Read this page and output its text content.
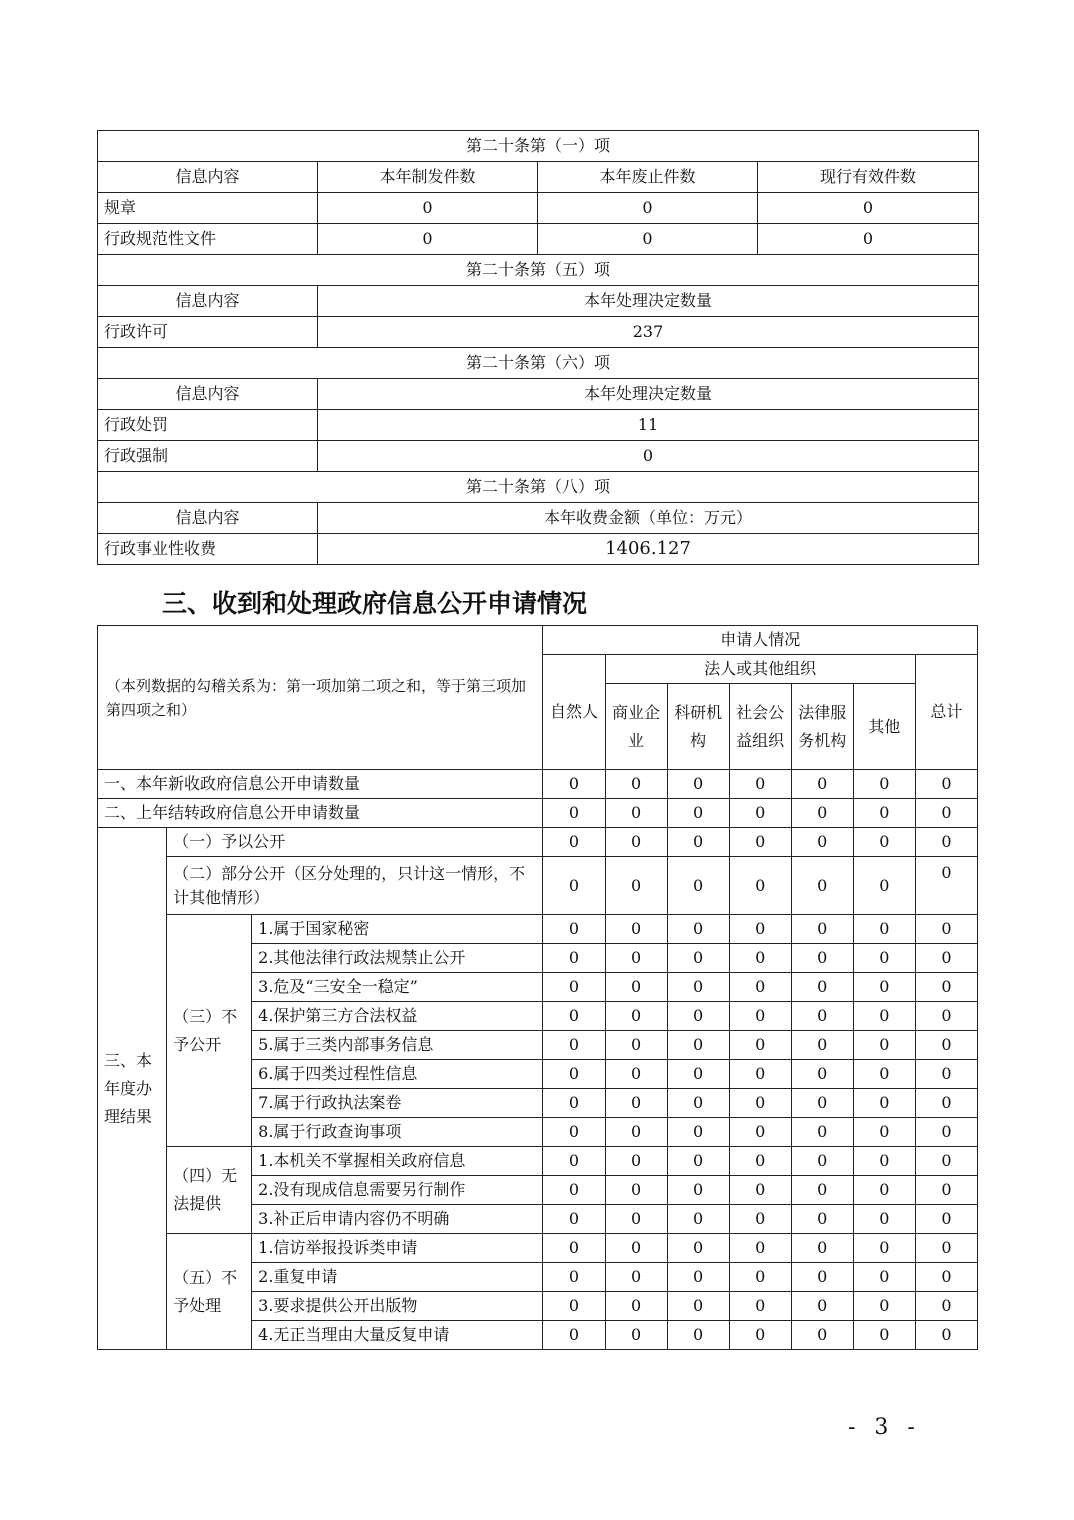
第二十条第（一）项			
信息内容	本年制发件数	本年废止件数	现行有效件数
规章	0	0	0
行政规范性文件	0	0	0
第二十条第（五）项			
信息内容	本年处理决定数量		
行政许可	237		
第二十条第（六）项			
信息内容	本年处理决定数量		
行政处罚	11		
行政强制	0		
第二十条第（八）项			
信息内容	本年收费金额（单位：万元）		
行政事业性收费	1406.127		
三、收到和处理政府信息公开申请情况
（本列数据的勾稽关系为：第一项加第二项之和，等于第三项加第四项之和）			申请人情况						
			自然人	法人或其他组织					总计
				商业企业	科研机构	社会公益组织	法律服务机构	其他	
一、本年新收政府信息公开申请数量			0	0	0	0	0	0	0
二、上年结转政府信息公开申请数量			0	0	0	0	0	0	0
三、本年度办理结果	（一）予以公开		0	0	0	0	0	0	0
	（二）部分公开（区分处理的，只计这一情形，不计其他情形）		0	0	0	0	0	0	0
	（三）不予公开	1.属于国家秘密	0	0	0	0	0	0	0
		2.其他法律行政法规禁止公开	0	0	0	0	0	0	0
		3.危及“三安全一稳定”	0	0	0	0	0	0	0
		4.保护第三方合法权益	0	0	0	0	0	0	0
		5.属于三类内部事务信息	0	0	0	0	0	0	0
		6.属于四类过程性信息	0	0	0	0	0	0	0
		7.属于行政执法案卷	0	0	0	0	0	0	0
		8.属于行政查询事项	0	0	0	0	0	0	0
	（四）无法提供	1.本机关不掌握相关政府信息	0	0	0	0	0	0	0
		2.没有现成信息需要另行制作	0	0	0	0	0	0	0
		3.补正后申请内容仍不明确	0	0	0	0	0	0	0
	（五）不予处理	1.信访举报投诉类申请	0	0	0	0	0	0	0
		2.重复申请	0	0	0	0	0	0	0
		3.要求提供公开出版物	0	0	0	0	0	0	0
		4.无正当理由大量反复申请	0	0	0	0	0	0	0
- 3 -
